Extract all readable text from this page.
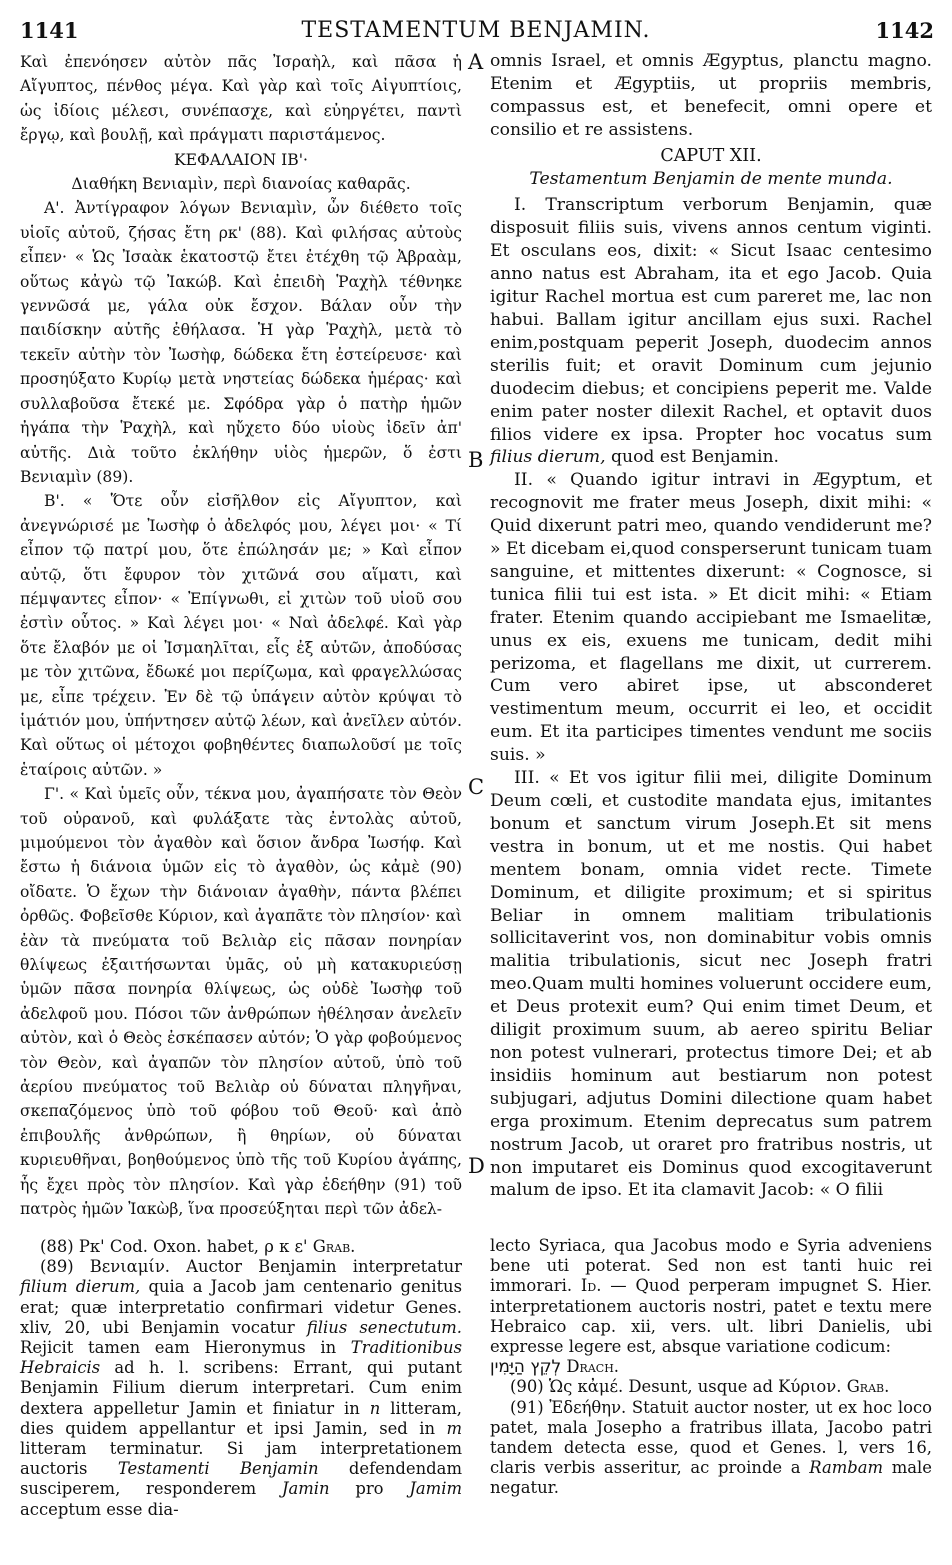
1141	TESTAMENTUM BENJAMIN.	1142

Καὶ ἐπενόησεν αὐτὸν πᾶς Ἰσραὴλ, καὶ πᾶσα ἡ Αἴγυπτος, πένθος μέγα. Καὶ γὰρ καὶ τοῖς Αἰγυπτίοις, ὡς ἰδίοις μέλεσι, συνέπασχε, καὶ εὐηργέτει, παντὶ ἔργῳ, καὶ βουλῇ, καὶ πράγματι παριστάμενος.

ΚΕΦΑΛΑΙΟΝ ΙΒ'·

Διαθήκη Βενιαμὶν, περὶ διανοίας καθαρᾶς.

Α'. Ἀντίγραφον λόγων Βενιαμὶν, ὧν διέθετο τοῖς υἱοῖς αὐτοῦ, ζήσας ἔτη ρκ' (88). Καὶ φιλήσας αὐτοὺς εἶπεν· « Ὡς Ἰσαὰκ ἑκατοστῷ ἔτει ἐτέχθη τῷ Ἀβραὰμ, οὕτως κἀγὼ τῷ Ἰακώβ. Καὶ ἐπειδὴ Ῥαχὴλ τέθνηκε γεννῶσά με, γάλα οὐκ ἔσχον. Βάλαν οὖν τὴν παιδίσκην αὐτῆς ἐθήλασα. Ἡ γὰρ Ῥαχὴλ, μετὰ τὸ τεκεῖν αὐτὴν τὸν Ἰωσὴφ, δώδεκα ἔτη ἐστείρευσε· καὶ προσηύξατο Κυρίῳ μετὰ νηστείας δώδεκα ἡμέρας· καὶ συλλαβοῦσα ἔτεκέ με. Σφόδρα γὰρ ὁ πατὴρ ἡμῶν ἠγάπα τὴν Ῥαχὴλ, καὶ ηὔχετο δύο υἱοὺς ἰδεῖν ἀπ' αὐτῆς. Διὰ τοῦτο ἐκλήθην υἱὸς ἡμερῶν, ὅ ἐστι Βενιαμὶν (89).

Β'. « Ὅτε οὖν εἰσῆλθον εἰς Αἴγυπτον, καὶ ἀνεγνώρισέ με Ἰωσὴφ ὁ ἀδελφός μου, λέγει μοι· « Τί εἶπον τῷ πατρί μου, ὅτε ἐπώλησάν με; » Καὶ εἶπον αὐτῷ, ὅτι ἔφυρον τὸν χιτῶνά σου αἵματι, καὶ πέμψαντες εἶπον· « Ἐπίγνωθι, εἰ χιτὼν τοῦ υἱοῦ σου ἐστὶν οὗτος. » Καὶ λέγει μοι· « Ναὶ ἀδελφέ. Καὶ γὰρ ὅτε ἔλαβόν με οἱ Ἰσμαηλῖται, εἷς ἐξ αὐτῶν, ἀποδύσας με τὸν χιτῶνα, ἔδωκέ μοι περίζωμα, καὶ φραγελλώσας με, εἶπε τρέχειν. Ἐν δὲ τῷ ὑπάγειν αὐτὸν κρύψαι τὸ ἱμάτιόν μου, ὑπήντησεν αὐτῷ λέων, καὶ ἀνεῖλεν αὐτόν. Καὶ οὕτως οἱ μέτοχοι φοβηθέντες διαπωλοῦσί με τοῖς ἑταίροις αὐτῶν. »

Γ'. « Καὶ ὑμεῖς οὖν, τέκνα μου, ἀγαπήσατε τὸν Θεὸν τοῦ οὐρανοῦ, καὶ φυλάξατε τὰς ἐντολὰς αὐτοῦ, μιμούμενοι τὸν ἀγαθὸν καὶ ὅσιον ἄνδρα Ἰωσήφ. Καὶ ἔστω ἡ διάνοια ὑμῶν εἰς τὸ ἀγαθὸν, ὡς κἀμὲ (90) οἴδατε. Ὁ ἔχων τὴν διάνοιαν ἀγαθὴν, πάντα βλέπει ὀρθῶς. Φοβεῖσθε Κύριον, καὶ ἀγαπᾶτε τὸν πλησίον· καὶ ἐὰν τὰ πνεύματα τοῦ Βελιὰρ εἰς πᾶσαν πονηρίαν θλίψεως ἐξαιτήσωνται ὑμᾶς, οὐ μὴ κατακυριεύσῃ ὑμῶν πᾶσα πονηρία θλίψεως, ὡς οὐδὲ Ἰωσὴφ τοῦ ἀδελφοῦ μου. Πόσοι τῶν ἀνθρώπων ἠθέλησαν ἀνελεῖν αὐτὸν, καὶ ὁ Θεὸς ἐσκέπασεν αὐτόν; Ὁ γὰρ φοβούμενος τὸν Θεὸν, καὶ ἀγαπῶν τὸν πλησίον αὐτοῦ, ὑπὸ τοῦ ἀερίου πνεύματος τοῦ Βελιὰρ οὐ δύναται πληγῆναι, σκεπαζόμενος ὑπὸ τοῦ φόβου τοῦ Θεοῦ· καὶ ἀπὸ ἐπιβουλῆς ἀνθρώπων, ἢ θηρίων, οὐ δύναται κυριευθῆναι, βοηθούμενος ὑπὸ τῆς τοῦ Κυρίου ἀγάπης, ἧς ἔχει πρὸς τὸν πλησίον. Καὶ γὰρ ἐδεήθην (91) τοῦ πατρὸς ἡμῶν Ἰακὼβ, ἵνα προσεύξηται περὶ τῶν ἀδελ-

A
B
C
D

omnis Israel, et omnis Ægyptus, planctu magno. Etenim et Ægyptiis, ut propriis membris, compassus est, et benefecit, omni opere et consilio et re assistens.

CAPUT XII.

Testamentum Benjamin de mente munda.

I. Transcriptum verborum Benjamin, quæ disposuit filiis suis, vivens annos centum viginti. Et osculans eos, dixit: « Sicut Isaac centesimo anno natus est Abraham, ita et ego Jacob. Quia igitur Rachel mortua est cum pareret me, lac non habui. Ballam igitur ancillam ejus suxi. Rachel enim,postquam peperit Joseph, duodecim annos sterilis fuit; et oravit Dominum cum jejunio duodecim diebus; et concipiens peperit me. Valde enim pater noster dilexit Rachel, et optavit duos filios videre ex ipsa. Propter hoc vocatus sum filius dierum, quod est Benjamin.

II. « Quando igitur intravi in Ægyptum, et recognovit me frater meus Joseph, dixit mihi: « Quid dixerunt patri meo, quando vendiderunt me? » Et dicebam ei,quod consperserunt tunicam tuam sanguine, et mittentes dixerunt: « Cognosce, si tunica filii tui est ista. » Et dicit mihi: « Etiam frater. Etenim quando accipiebant me Ismaelitæ, unus ex eis, exuens me tunicam, dedit mihi perizoma, et flagellans me dixit, ut currerem. Cum vero abiret ipse, ut absconderet vestimentum meum, occurrit ei leo, et occidit eum. Et ita participes timentes vendunt me sociis suis. »

III. « Et vos igitur filii mei, diligite Dominum Deum cœli, et custodite mandata ejus, imitantes bonum et sanctum virum Joseph.Et sit mens vestra in bonum, ut et me nostis. Qui habet mentem bonam, omnia videt recte. Timete Dominum, et diligite proximum; et si spiritus Beliar in omnem malitiam tribulationis sollicitaverint vos, non dominabitur vobis omnis malitia tribulationis, sicut nec Joseph fratri meo.Quam multi homines voluerunt occidere eum, et Deus protexit eum? Qui enim timet Deum, et diligit proximum suum, ab aereo spiritu Beliar non potest vulnerari, protectus timore Dei; et ab insidiis hominum aut bestiarum non potest subjugari, adjutus Domini dilectione quam habet erga proximum. Etenim deprecatus sum patrem nostrum Jacob, ut oraret pro fratribus nostris, ut non imputaret eis Dominus quod excogitaverunt malum de ipso. Et ita clamavit Jacob: « O filii

(88) Ρκ' Cod. Oxon. habet, ρ κ ε' Grab.

(89) Βενιαμίν. Auctor Benjamin interpretatur filium dierum, quia a Jacob jam centenario genitus erat; quæ interpretatio confirmari videtur Genes. xliv, 20, ubi Benjamin vocatur filius senectutum. Rejicit tamen eam Hieronymus in Traditionibus Hebraicis ad h. l. scribens: Errant, qui putant Benjamin Filium dierum interpretari. Cum enim dextera appelletur Jamin et finiatur in n litteram, dies quidem appellantur et ipsi Jamin, sed in m litteram terminatur. Si jam interpretationem auctoris Testamenti Benjamin defendendam susciperem, responderem Jamin pro Jamim acceptum esse dia-

lecto Syriaca, qua Jacobus modo e Syria adveniens bene uti poterat. Sed non est tanti huic rei immorari. Id. — Quod perperam impugnet S. Hier. interpretationem auctoris nostri, patet e textu mere Hebraico cap. xii, vers. ult. libri Danielis, ubi expresse legere est, absque variatione codicum:
לְקֵץ הַיָּמִין Drach.

(90) Ὡς κἀμέ. Desunt, usque ad Κύριον. Grab.

(91) Ἐδεήθην. Statuit auctor noster, ut ex hoc loco patet, mala Josepho a fratribus illata, Jacobo patri tandem detecta esse, quod et Genes. l, vers 16, claris verbis asseritur, ac proinde a Rambam male negatur.
